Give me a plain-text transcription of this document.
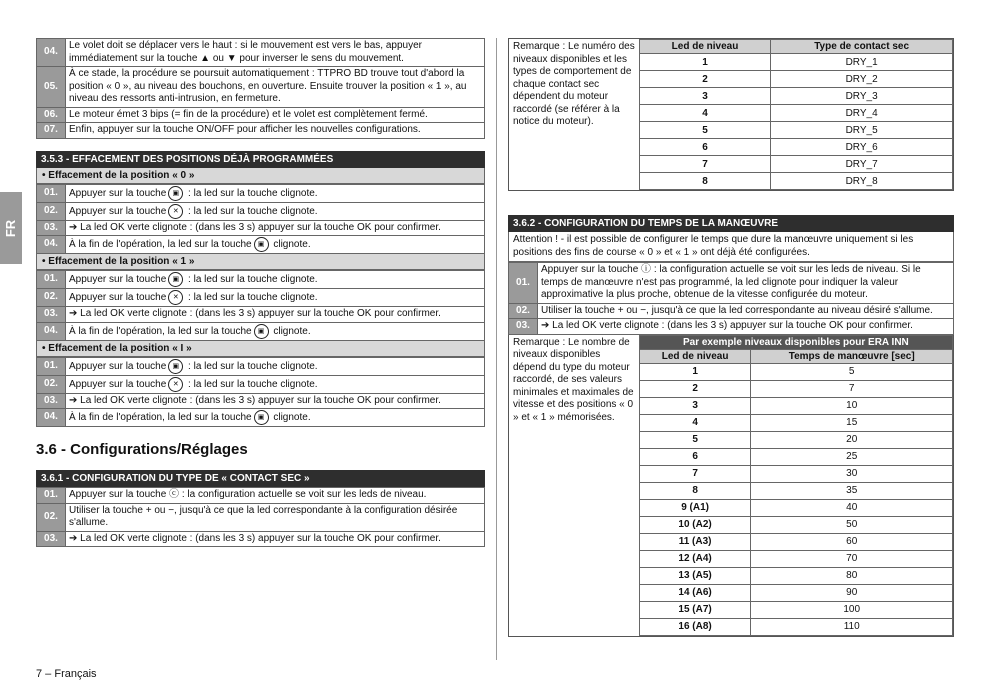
FR
04.	Le volet doit se déplacer vers le haut : si le mouvement est vers le bas, appuyer immédiatement sur la touche ▲ ou ▼ pour inverser le sens du mouvement.
05.	À ce stade, la procédure se poursuit automatiquement : TTPRO BD trouve tout d'abord la position « 0 », au niveau des bouchons, en ouverture. Ensuite trouver la position « 1 », au niveau des ressorts anti-intrusion, en fermeture.
06.	Le moteur émet 3 bips (= fin de la procédure) et le volet est complètement fermé.
07.	Enfin, appuyer sur la touche ON/OFF pour afficher les nouvelles configurations.
3.5.3 - EFFACEMENT DES POSITIONS DÉJÀ PROGRAMMÉES
• Effacement de la position « 0 »
01.	Appuyer sur la touche ▣ : la led sur la touche clignote.
02.	Appuyer sur la touche ✕ : la led sur la touche clignote.
03.	➔ La led OK verte clignote : (dans les 3 s) appuyer sur la touche OK pour confirmer.
04.	À la fin de l'opération, la led sur la touche ▣ clignote.
• Effacement de la position « 1 »
01.	Appuyer sur la touche ▣ : la led sur la touche clignote.
02.	Appuyer sur la touche ✕ : la led sur la touche clignote.
03.	➔ La led OK verte clignote : (dans les 3 s) appuyer sur la touche OK pour confirmer.
04.	À la fin de l'opération, la led sur la touche ▣ clignote.
• Effacement de la position « I »
01.	Appuyer sur la touche ▣ : la led sur la touche clignote.
02.	Appuyer sur la touche ✕ : la led sur la touche clignote.
03.	➔ La led OK verte clignote : (dans les 3 s) appuyer sur la touche OK pour confirmer.
04.	À la fin de l'opération, la led sur la touche ▣ clignote.
3.6 - Configurations/Réglages
3.6.1 - CONFIGURATION DU TYPE DE « CONTACT SEC »
01.	Appuyer sur la touche ⓒ : la configuration actuelle se voit sur les leds de niveau.
02.	Utiliser la touche + ou −, jusqu'à ce que la led correspondante à la configuration désirée s'allume.
03.	➔ La led OK verte clignote : (dans les 3 s) appuyer sur la touche OK pour confirmer.
Remarque : Le numéro des niveaux disponibles et les types de comportement de chaque contact sec dépendent du moteur raccordé (se référer à la notice du moteur).
Led de niveau	Type de contact sec
1	DRY_1
2	DRY_2
3	DRY_3
4	DRY_4
5	DRY_5
6	DRY_6
7	DRY_7
8	DRY_8
3.6.2 - CONFIGURATION DU TEMPS DE LA MANŒUVRE
Attention ! - il est possible de configurer le temps que dure la manœuvre uniquement si les positions des fins de course « 0 » et « 1 » ont déjà été configurées.
01.	Appuyer sur la touche ⓘ : la configuration actuelle se voit sur les leds de niveau. Si le temps de manœuvre n'est pas programmé, la led clignote pour indiquer la valeur approximative la plus proche, obtenue de la vitesse configurée du moteur.
02.	Utiliser la touche + ou −, jusqu'à ce que la led correspondante au niveau désiré s'allume.
03.	➔ La led OK verte clignote : (dans les 3 s) appuyer sur la touche OK pour confirmer.
Remarque : Le nombre de niveaux disponibles dépend du type du moteur raccordé, de ses valeurs minimales et maximales de vitesse et des positions « 0 » et « 1 » mémorisées.
Par exemple niveaux disponibles pour ERA INN	
Led de niveau	Temps de manœuvre [sec]
1	5
2	7
3	10
4	15
5	20
6	25
7	30
8	35
9 (A1)	40
10 (A2)	50
11 (A3)	60
12 (A4)	70
13 (A5)	80
14 (A6)	90
15 (A7)	100
16 (A8)	110
7 – Français
